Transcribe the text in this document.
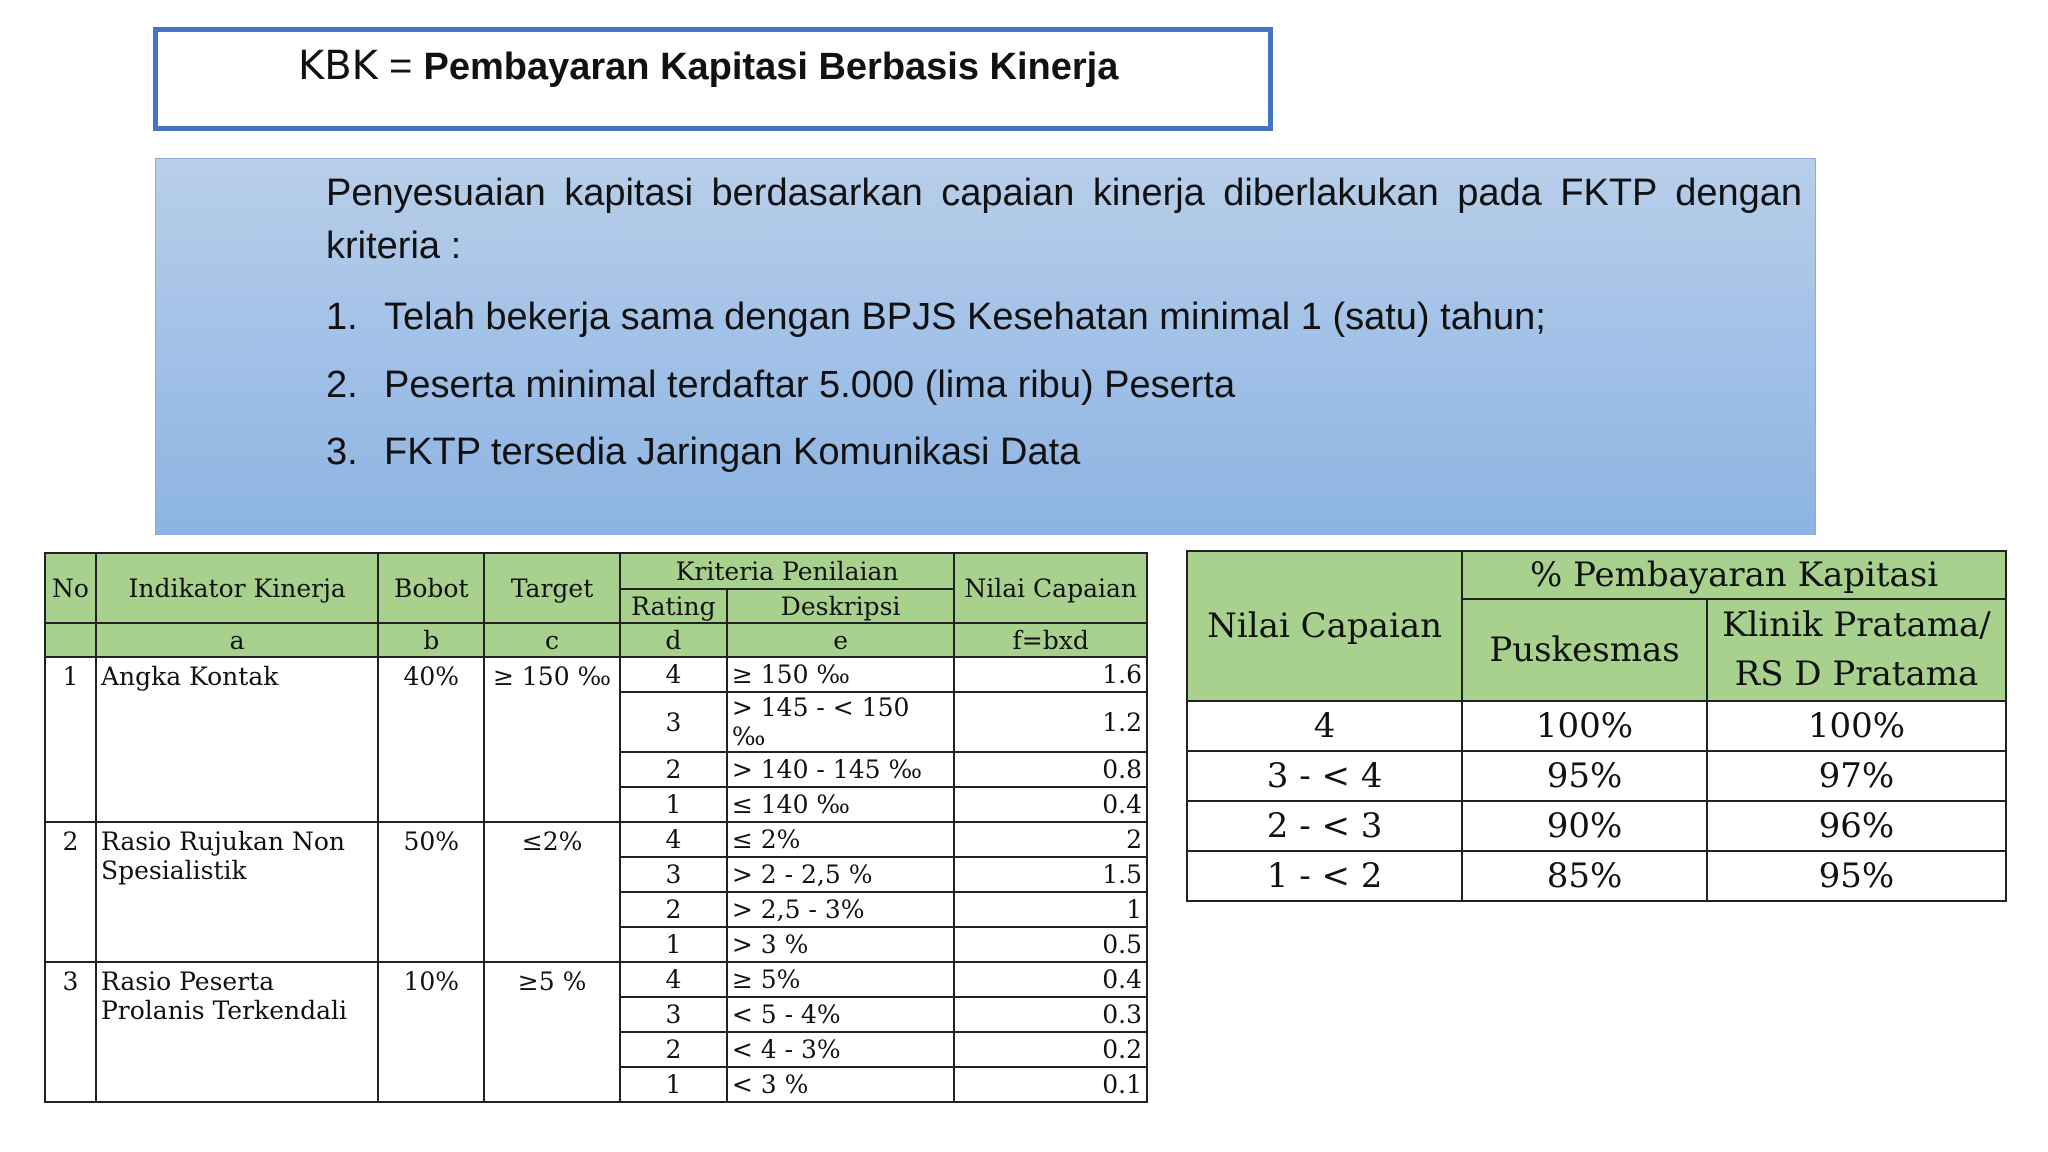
KBK = Pembayaran Kapitasi Berbasis Kinerja
Penyesuaian kapitasi berdasarkan capaian kinerja diberlakukan pada FKTP dengan kriteria :
1. Telah bekerja sama dengan BPJS Kesehatan minimal 1 (satu) tahun;
2. Peserta minimal terdaftar 5.000 (lima ribu) Peserta
3. FKTP tersedia Jaringan Komunikasi Data
No	Indikator Kinerja	Bobot	Target	Kriteria Penilaian		Nilai Capaian
				Rating	Deskripsi	
	a	b	c	d	e	f=bxd
1	Angka Kontak	40%	≥ 150 ‰	4	≥ 150 ‰	1.6
				3	> 145 - < 150 ‰	1.2
				2	> 140 - 145 ‰	0.8
				1	≤ 140 ‰	0.4
2	Rasio Rujukan Non Spesialistik	50%	≤2%	4	≤ 2%	2
				3	> 2 - 2,5 %	1.5
				2	> 2,5 - 3%	1
				1	> 3 %	0.5
3	Rasio Peserta Prolanis Terkendali	10%	≥5 %	4	≥ 5%	0.4
				3	< 5 - 4%	0.3
				2	< 4 - 3%	0.2
				1	< 3 %	0.1
Nilai Capaian	% Pembayaran Kapitasi	
	Puskesmas	Klinik Pratama/ RS D Pratama
4	100%	100%
3 - < 4	95%	97%
2 - < 3	90%	96%
1 - < 2	85%	95%
